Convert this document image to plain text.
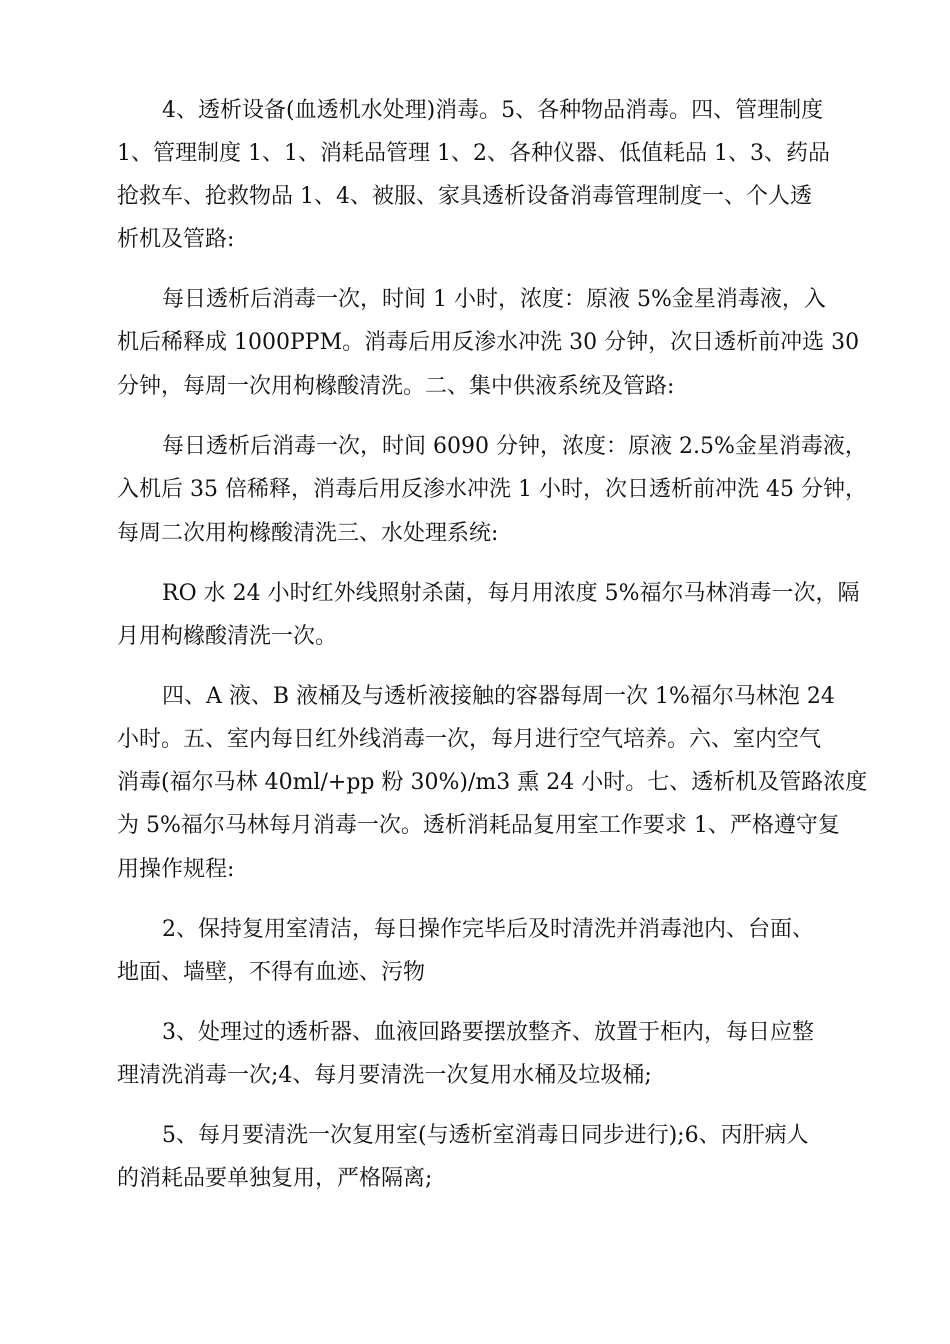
4、透析设备(血透机水处理)消毒。5、各种物品消毒。四、管理制度
1、管理制度 1、1、消耗品管理 1、2、各种仪器、低值耗品 1、3、药品
抢救车、抢救物品 1、4、被服、家具透析设备消毒管理制度一、个人透
析机及管路:
每日透析后消毒一次，时间 1 小时，浓度：原液 5%金星消毒液，入
机后稀释成 1000PPM。消毒后用反渗水冲洗 30 分钟，次日透析前冲选 30
分钟，每周一次用枸橼酸清洗。二、集中供液系统及管路:
每日透析后消毒一次，时间 6090 分钟，浓度：原液 2.5%金星消毒液，
入机后 35 倍稀释，消毒后用反渗水冲洗 1 小时，次日透析前冲洗 45 分钟，
每周二次用枸橼酸清洗三、水处理系统:
RO 水 24 小时红外线照射杀菌，每月用浓度 5%福尔马林消毒一次，隔
月用枸橼酸清洗一次。
四、A 液、B 液桶及与透析液接触的容器每周一次 1%福尔马林泡 24
小时。五、室内每日红外线消毒一次，每月进行空气培养。六、室内空气
消毒(福尔马林 40ml/+pp 粉 30%)/m3 熏 24 小时。七、透析机及管路浓度
为 5%福尔马林每月消毒一次。透析消耗品复用室工作要求 1、严格遵守复
用操作规程:
2、保持复用室清洁，每日操作完毕后及时清洗并消毒池内、台面、
地面、墙壁，不得有血迹、污物
3、处理过的透析器、血液回路要摆放整齐、放置于柜内，每日应整
理清洗消毒一次;4、每月要清洗一次复用水桶及垃圾桶;
5、每月要清洗一次复用室(与透析室消毒日同步进行);6、丙肝病人
的消耗品要单独复用，严格隔离;
